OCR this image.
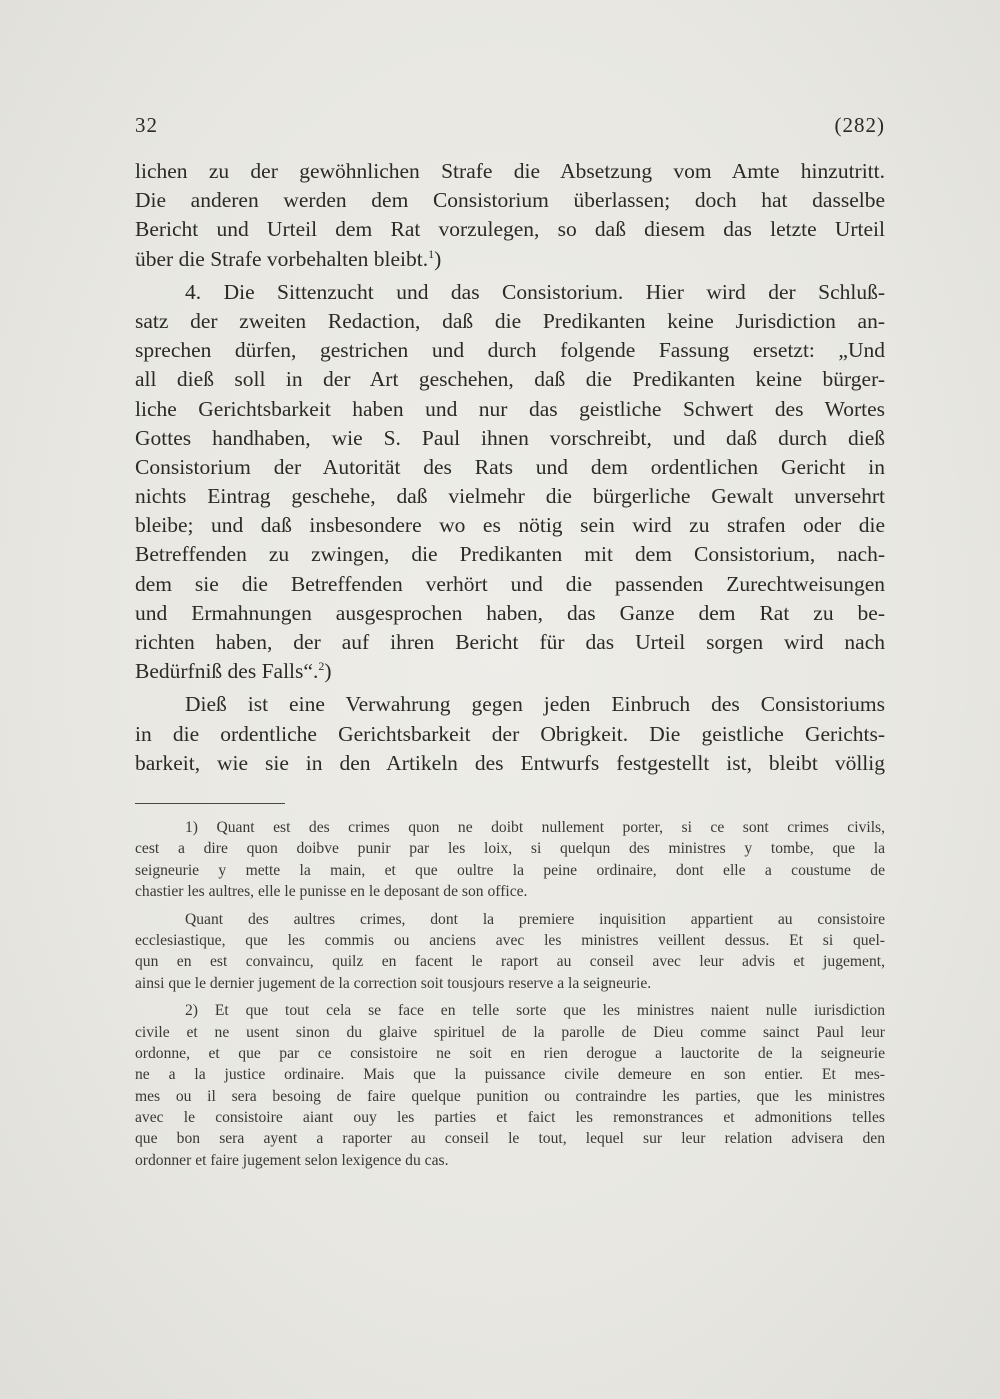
32	(282)
lichen zu der gewöhnlichen Strafe die Absetzung vom Amte hinzutritt.
Die anderen werden dem Consistorium überlassen; doch hat dasselbe
Bericht und Urteil dem Rat vorzulegen, so daß diesem das letzte Urteil
über die Strafe vorbehalten bleibt.$^1$)
4. Die Sittenzucht und das Consistorium. Hier wird der Schluß-
satz der zweiten Redaction, daß die Predikanten keine Jurisdiction an-
sprechen dürfen, gestrichen und durch folgende Fassung ersetzt: „Und
all dieß soll in der Art geschehen, daß die Predikanten keine bürger-
liche Gerichtsbarkeit haben und nur das geistliche Schwert des Wortes
Gottes handhaben, wie S. Paul ihnen vorschreibt, und daß durch dieß
Consistorium der Autorität des Rats und dem ordentlichen Gericht in
nichts Eintrag geschehe, daß vielmehr die bürgerliche Gewalt unversehrt
bleibe; und daß insbesondere wo es nötig sein wird zu strafen oder die
Betreffenden zu zwingen, die Predikanten mit dem Consistorium, nach-
dem sie die Betreffenden verhört und die passenden Zurechtweisungen
und Ermahnungen ausgesprochen haben, das Ganze dem Rat zu be-
richten haben, der auf ihren Bericht für das Urteil sorgen wird nach
Bedürfniß des Falls“.$^2$)
Dieß ist eine Verwahrung gegen jeden Einbruch des Consistoriums
in die ordentliche Gerichtsbarkeit der Obrigkeit. Die geistliche Gerichts-
barkeit, wie sie in den Artikeln des Entwurfs festgestellt ist, bleibt völlig
1) Quant est des crimes quon ne doibt nullement porter, si ce sont crimes civils,
cest a dire quon doibve punir par les loix, si quelqun des ministres y tombe, que la
seigneurie y mette la main, et que oultre la peine ordinaire, dont elle a coustume de
chastier les aultres, elle le punisse en le deposant de son office.
Quant des aultres crimes, dont la premiere inquisition appartient au consistoire
ecclesiastique, que les commis ou anciens avec les ministres veillent dessus. Et si quel-
qun en est convaincu, quilz en facent le raport au conseil avec leur advis et jugement,
ainsi que le dernier jugement de la correction soit tousjours reserve a la seigneurie.
2) Et que tout cela se face en telle sorte que les ministres naient nulle iurisdiction
civile et ne usent sinon du glaive spirituel de la parolle de Dieu comme sainct Paul leur
ordonne, et que par ce consistoire ne soit en rien derogue a lauctorite de la seigneurie
ne a la justice ordinaire. Mais que la puissance civile demeure en son entier. Et mes-
mes ou il sera besoing de faire quelque punition ou contraindre les parties, que les ministres
avec le consistoire aiant ouy les parties et faict les remonstrances et admonitions telles
que bon sera ayent a raporter au conseil le tout, lequel sur leur relation advisera den
ordonner et faire jugement selon lexigence du cas.
